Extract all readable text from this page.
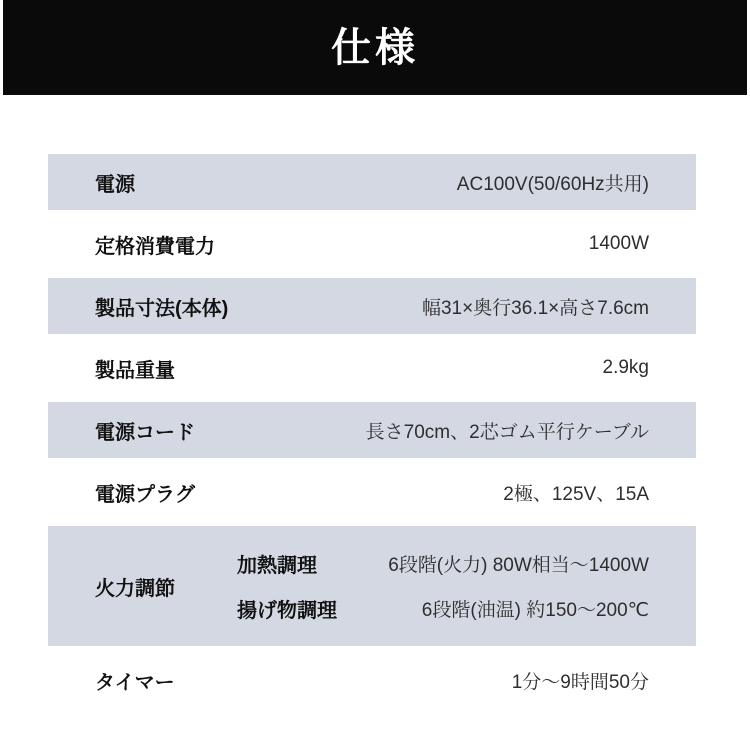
仕様
電源	AC100V(50/60Hz共用)
定格消費電力	1400W
製品寸法(本体)	幅31×奥行36.1×高さ7.6cm
製品重量	2.9kg
電源コード	長さ70cm、2芯ゴム平行ケーブル
電源プラグ	2極、125V、15A
火力調節
加熱調理	6段階(火力) 80W相当～1400W
揚げ物調理	6段階(油温) 約150～200℃
タイマー	1分～9時間50分
